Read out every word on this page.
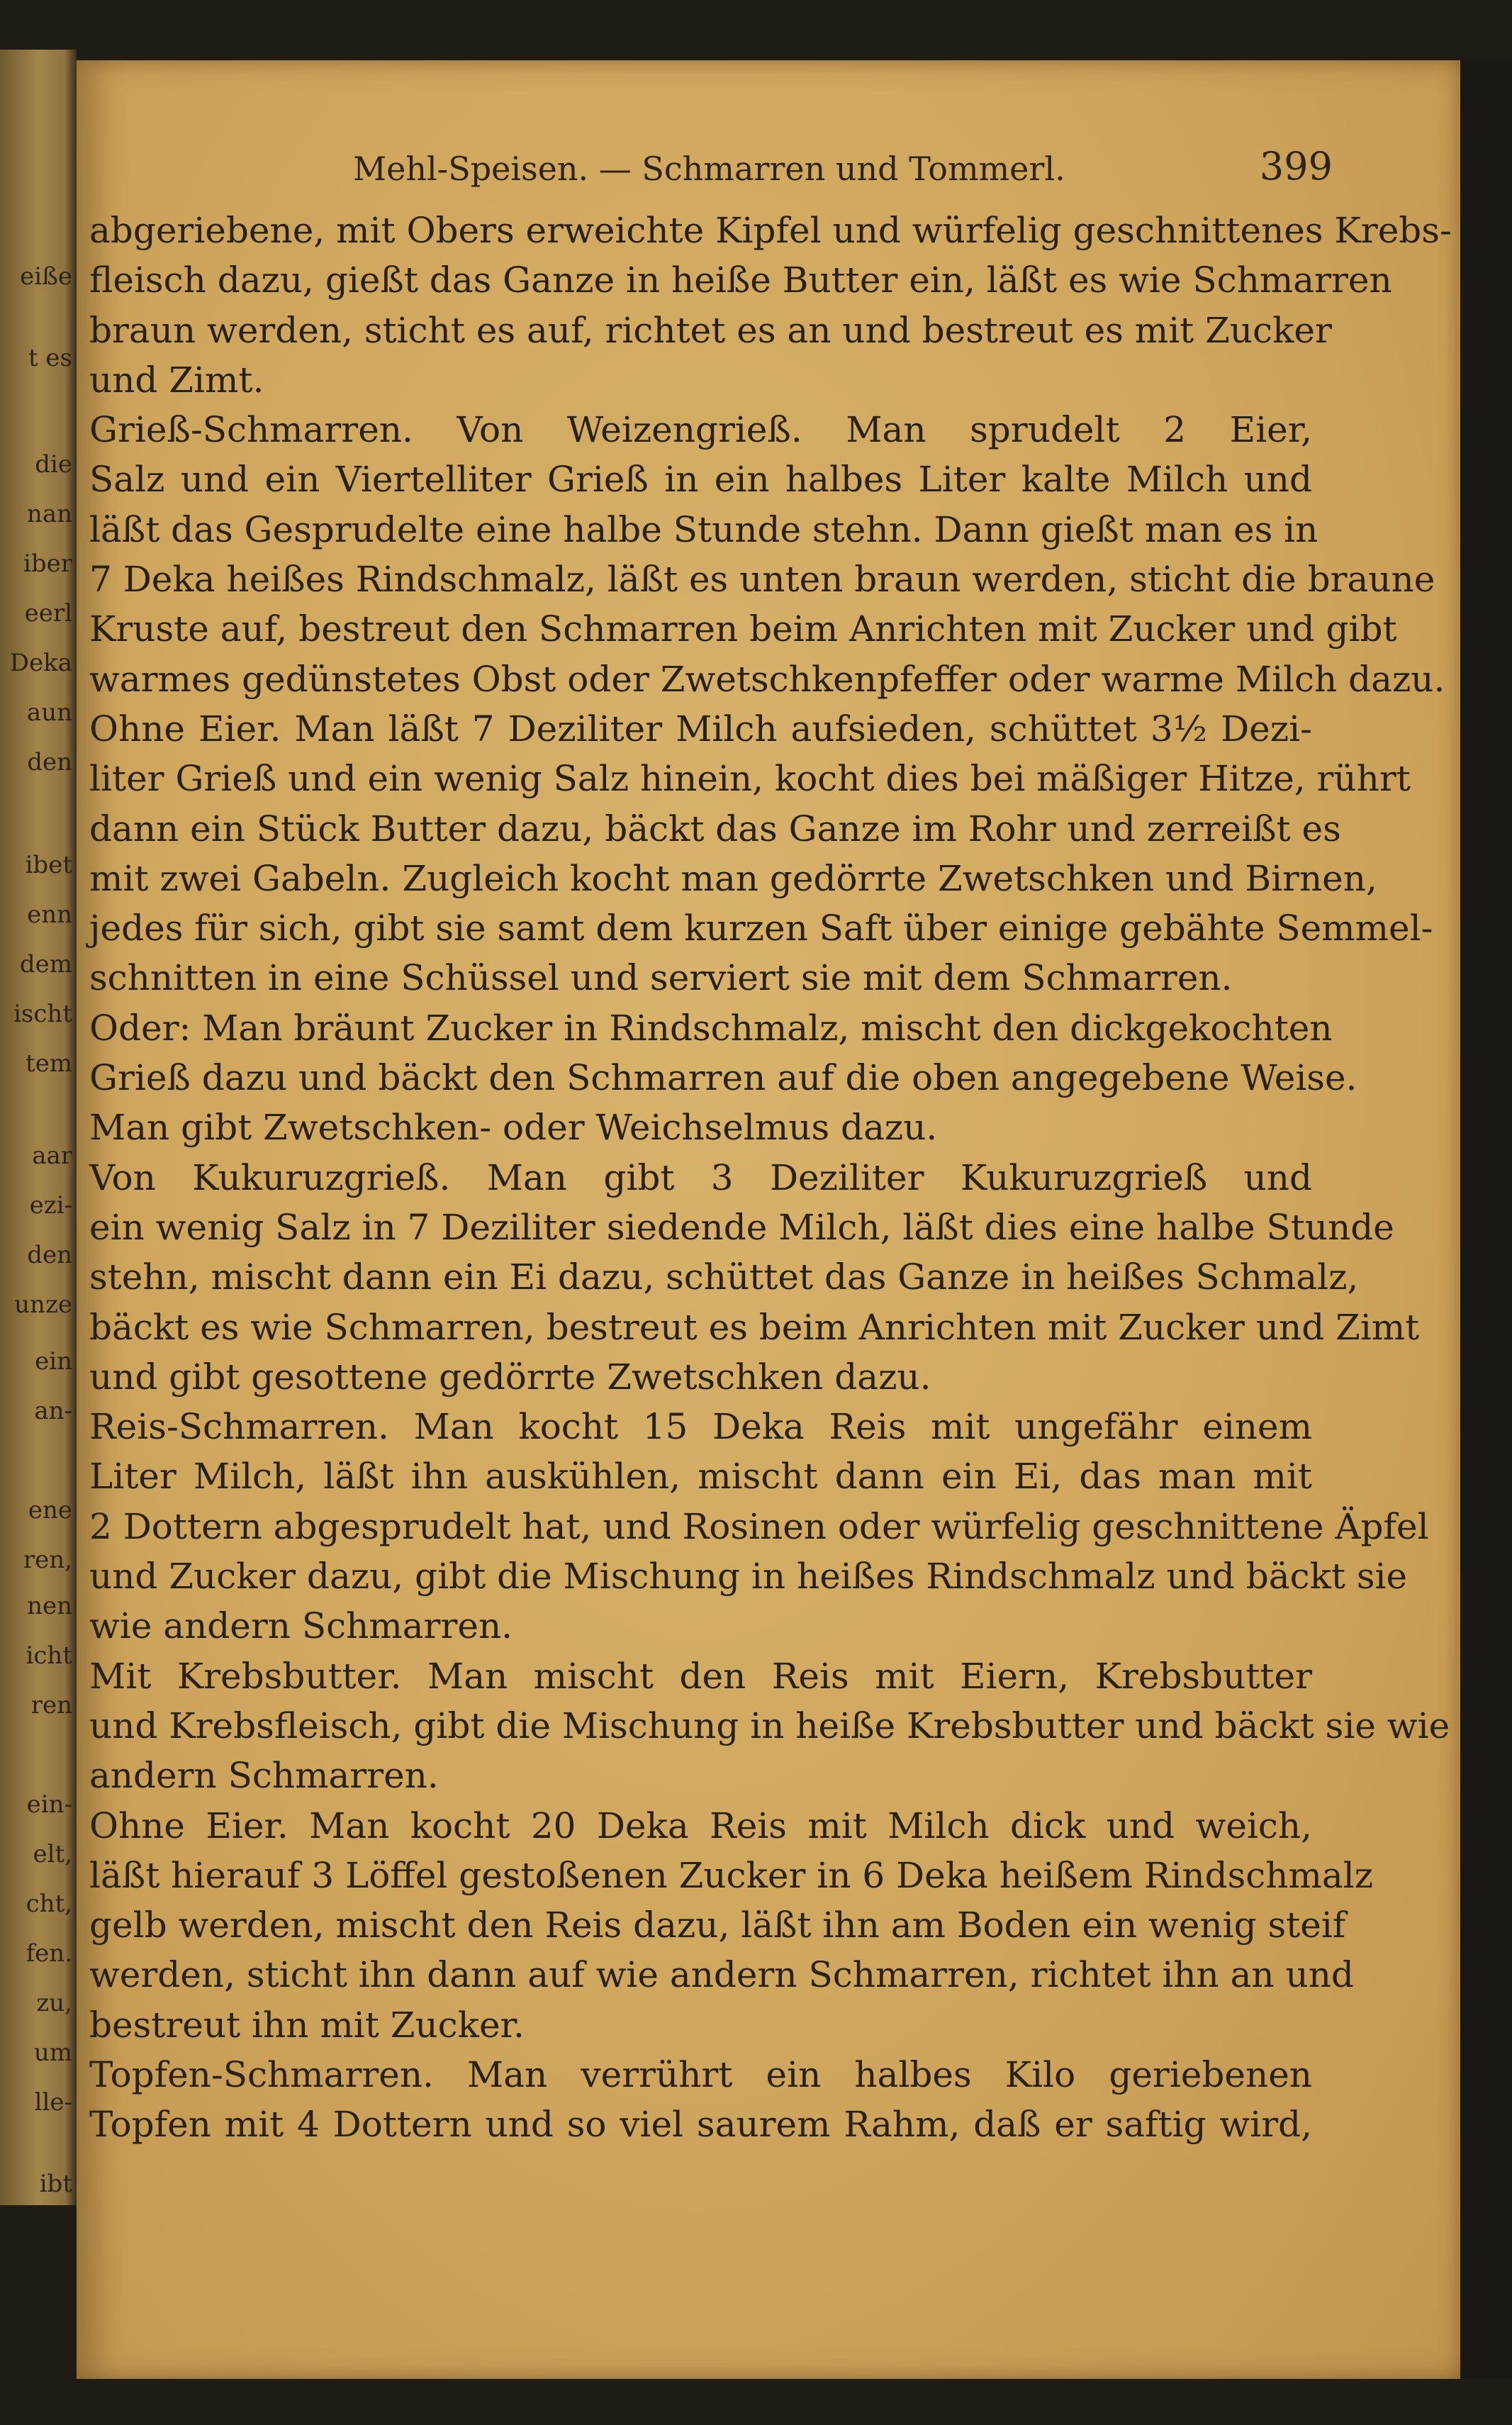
eiße
t es
die
nan
iber
eerl
Deka
aun
den
ibet
enn
dem
ischt
tem
aar
ezi-
den
unze
ein
an-
ene
ren,
nen
icht
ren
ein-
elt,
cht,
fen.
zu,
um
lle-
ibt
Mehl-Speisen. — Schmarren und Tommerl.	399
abgeriebene, mit Obers erweichte Kipfel und würfelig geschnittenes Krebs-
fleisch dazu, gießt das Ganze in heiße Butter ein, läßt es wie Schmarren
braun werden, sticht es auf, richtet es an und bestreut es mit Zucker
und Zimt.
Grieß-Schmarren. Von Weizengrieß. Man sprudelt 2 Eier,
Salz und ein Viertelliter Grieß in ein halbes Liter kalte Milch und
läßt das Gesprudelte eine halbe Stunde stehn. Dann gießt man es in
7 Deka heißes Rindschmalz, läßt es unten braun werden, sticht die braune
Kruste auf, bestreut den Schmarren beim Anrichten mit Zucker und gibt
warmes gedünstetes Obst oder Zwetschkenpfeffer oder warme Milch dazu.
Ohne Eier. Man läßt 7 Deziliter Milch aufsieden, schüttet 3½ Dezi-
liter Grieß und ein wenig Salz hinein, kocht dies bei mäßiger Hitze, rührt
dann ein Stück Butter dazu, bäckt das Ganze im Rohr und zerreißt es
mit zwei Gabeln. Zugleich kocht man gedörrte Zwetschken und Birnen,
jedes für sich, gibt sie samt dem kurzen Saft über einige gebähte Semmel-
schnitten in eine Schüssel und serviert sie mit dem Schmarren.
Oder: Man bräunt Zucker in Rindschmalz, mischt den dickgekochten
Grieß dazu und bäckt den Schmarren auf die oben angegebene Weise.
Man gibt Zwetschken- oder Weichselmus dazu.
Von Kukuruzgrieß. Man gibt 3 Deziliter Kukuruzgrieß und
ein wenig Salz in 7 Deziliter siedende Milch, läßt dies eine halbe Stunde
stehn, mischt dann ein Ei dazu, schüttet das Ganze in heißes Schmalz,
bäckt es wie Schmarren, bestreut es beim Anrichten mit Zucker und Zimt
und gibt gesottene gedörrte Zwetschken dazu.
Reis-Schmarren. Man kocht 15 Deka Reis mit ungefähr einem
Liter Milch, läßt ihn auskühlen, mischt dann ein Ei, das man mit
2 Dottern abgesprudelt hat, und Rosinen oder würfelig geschnittene Äpfel
und Zucker dazu, gibt die Mischung in heißes Rindschmalz und bäckt sie
wie andern Schmarren.
Mit Krebsbutter. Man mischt den Reis mit Eiern, Krebsbutter
und Krebsfleisch, gibt die Mischung in heiße Krebsbutter und bäckt sie wie
andern Schmarren.
Ohne Eier. Man kocht 20 Deka Reis mit Milch dick und weich,
läßt hierauf 3 Löffel gestoßenen Zucker in 6 Deka heißem Rindschmalz
gelb werden, mischt den Reis dazu, läßt ihn am Boden ein wenig steif
werden, sticht ihn dann auf wie andern Schmarren, richtet ihn an und
bestreut ihn mit Zucker.
Topfen-Schmarren. Man verrührt ein halbes Kilo geriebenen
Topfen mit 4 Dottern und so viel saurem Rahm, daß er saftig wird,
